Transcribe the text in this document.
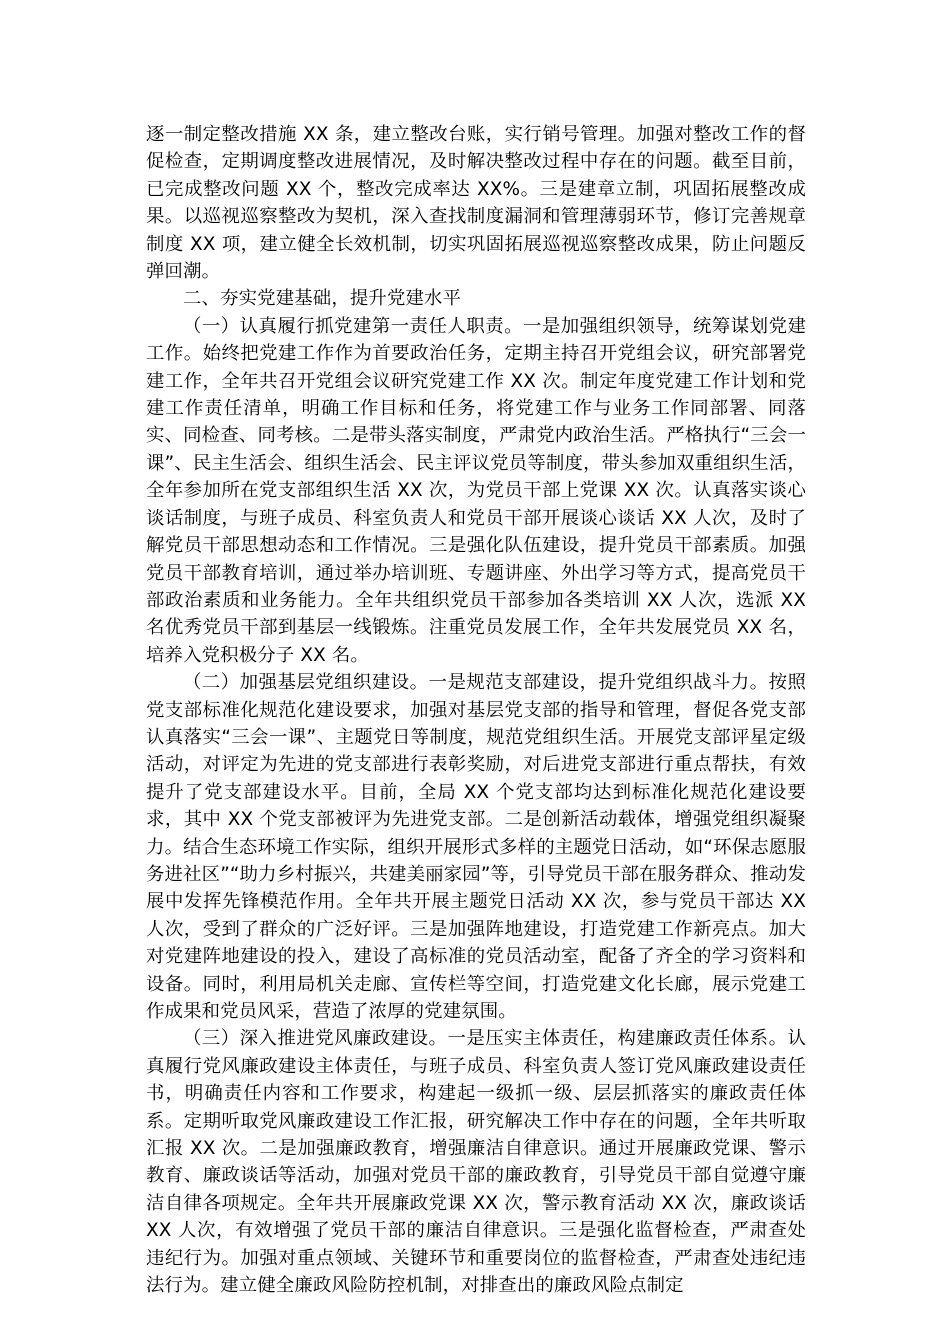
逐一制定整改措施 XX 条，建立整改台账，实行销号管理。加强对整改工作的督促检查，定期调度整改进展情况，及时解决整改过程中存在的问题。截至目前，已完成整改问题 XX 个，整改完成率达 XX%。三是建章立制，巩固拓展整改成果。以巡视巡察整改为契机，深入查找制度漏洞和管理薄弱环节，修订完善规章制度 XX 项，建立健全长效机制，切实巩固拓展巡视巡察整改成果，防止问题反弹回潮。

二、夯实党建基础，提升党建水平

（一）认真履行抓党建第一责任人职责。一是加强组织领导，统筹谋划党建工作。始终把党建工作作为首要政治任务，定期主持召开党组会议，研究部署党建工作，全年共召开党组会议研究党建工作 XX 次。制定年度党建工作计划和党建工作责任清单，明确工作目标和任务，将党建工作与业务工作同部署、同落实、同检查、同考核。二是带头落实制度，严肃党内政治生活。严格执行“三会一课”、民主生活会、组织生活会、民主评议党员等制度，带头参加双重组织生活，全年参加所在党支部组织生活 XX 次，为党员干部上党课 XX 次。认真落实谈心谈话制度，与班子成员、科室负责人和党员干部开展谈心谈话 XX 人次，及时了解党员干部思想动态和工作情况。三是强化队伍建设，提升党员干部素质。加强党员干部教育培训，通过举办培训班、专题讲座、外出学习等方式，提高党员干部政治素质和业务能力。全年共组织党员干部参加各类培训 XX 人次，选派 XX 名优秀党员干部到基层一线锻炼。注重党员发展工作，全年共发展党员 XX 名，培养入党积极分子 XX 名。

（二）加强基层党组织建设。一是规范支部建设，提升党组织战斗力。按照党支部标准化规范化建设要求，加强对基层党支部的指导和管理，督促各党支部认真落实“三会一课”、主题党日等制度，规范党组织生活。开展党支部评星定级活动，对评定为先进的党支部进行表彰奖励，对后进党支部进行重点帮扶，有效提升了党支部建设水平。目前，全局 XX 个党支部均达到标准化规范化建设要求，其中 XX 个党支部被评为先进党支部。二是创新活动载体，增强党组织凝聚力。结合生态环境工作实际，组织开展形式多样的主题党日活动，如“环保志愿服务进社区”“助力乡村振兴，共建美丽家园”等，引导党员干部在服务群众、推动发展中发挥先锋模范作用。全年共开展主题党日活动 XX 次，参与党员干部达 XX 人次，受到了群众的广泛好评。三是加强阵地建设，打造党建工作新亮点。加大对党建阵地建设的投入，建设了高标准的党员活动室，配备了齐全的学习资料和设备。同时，利用局机关走廊、宣传栏等空间，打造党建文化长廊，展示党建工作成果和党员风采，营造了浓厚的党建氛围。

（三）深入推进党风廉政建设。一是压实主体责任，构建廉政责任体系。认真履行党风廉政建设主体责任，与班子成员、科室负责人签订党风廉政建设责任书，明确责任内容和工作要求，构建起一级抓一级、层层抓落实的廉政责任体系。定期听取党风廉政建设工作汇报，研究解决工作中存在的问题，全年共听取汇报 XX 次。二是加强廉政教育，增强廉洁自律意识。通过开展廉政党课、警示教育、廉政谈话等活动，加强对党员干部的廉政教育，引导党员干部自觉遵守廉洁自律各项规定。全年共开展廉政党课 XX 次，警示教育活动 XX 次，廉政谈话 XX 人次，有效增强了党员干部的廉洁自律意识。三是强化监督检查，严肃查处违纪行为。加强对重点领域、关键环节和重要岗位的监督检查，严肃查处违纪违法行为。建立健全廉政风险防控机制，对排查出的廉政风险点制定
